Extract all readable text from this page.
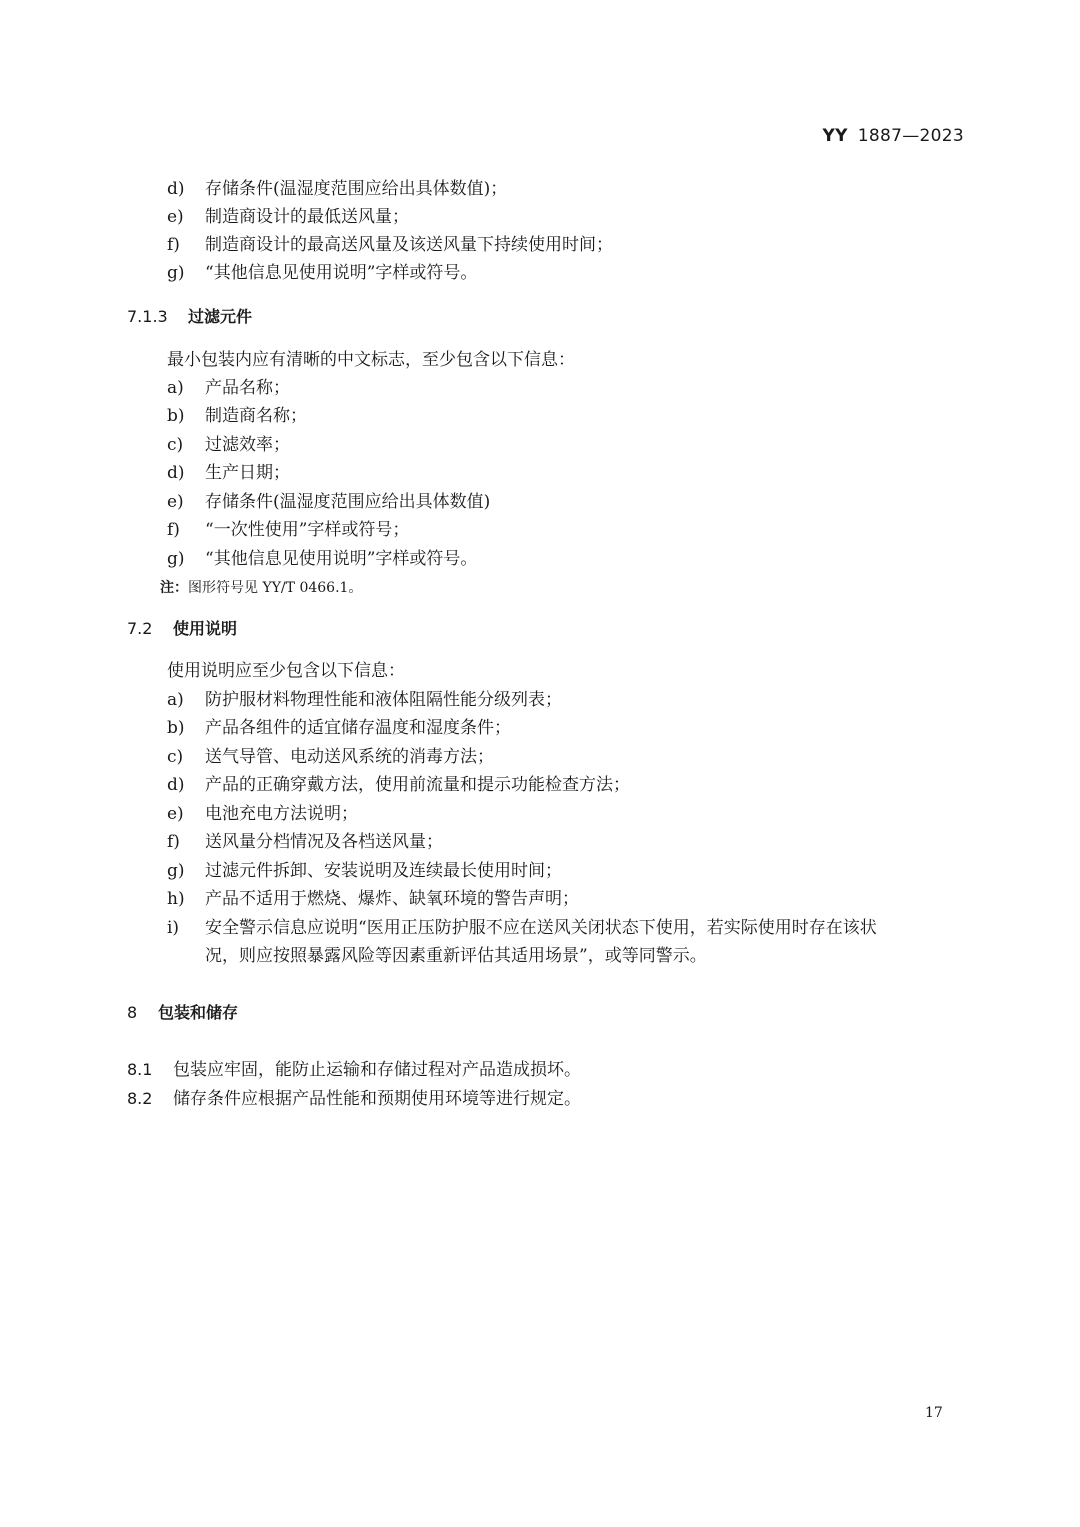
YY 1887—2023
d) 存储条件(温湿度范围应给出具体数值)；
e) 制造商设计的最低送风量；
f) 制造商设计的最高送风量及该送风量下持续使用时间；
g) “其他信息见使用说明”字样或符号。
7.1.3 过滤元件
最小包装内应有清晰的中文标志，至少包含以下信息：
a) 产品名称；
b) 制造商名称；
c) 过滤效率；
d) 生产日期；
e) 存储条件(温湿度范围应给出具体数值)
f) “一次性使用”字样或符号；
g) “其他信息见使用说明”字样或符号。
注：图形符号见 YY/T 0466.1。
7.2 使用说明
使用说明应至少包含以下信息：
a) 防护服材料物理性能和液体阻隔性能分级列表；
b) 产品各组件的适宜储存温度和湿度条件；
c) 送气导管、电动送风系统的消毒方法；
d) 产品的正确穿戴方法，使用前流量和提示功能检查方法；
e) 电池充电方法说明；
f) 送风量分档情况及各档送风量；
g) 过滤元件拆卸、安装说明及连续最长使用时间；
h) 产品不适用于燃烧、爆炸、缺氧环境的警告声明；
i) 安全警示信息应说明“医用正压防护服不应在送风关闭状态下使用，若实际使用时存在该状
况，则应按照暴露风险等因素重新评估其适用场景”，或等同警示。
8 包装和储存
8.1 包装应牢固，能防止运输和存储过程对产品造成损坏。
8.2 储存条件应根据产品性能和预期使用环境等进行规定。
17
